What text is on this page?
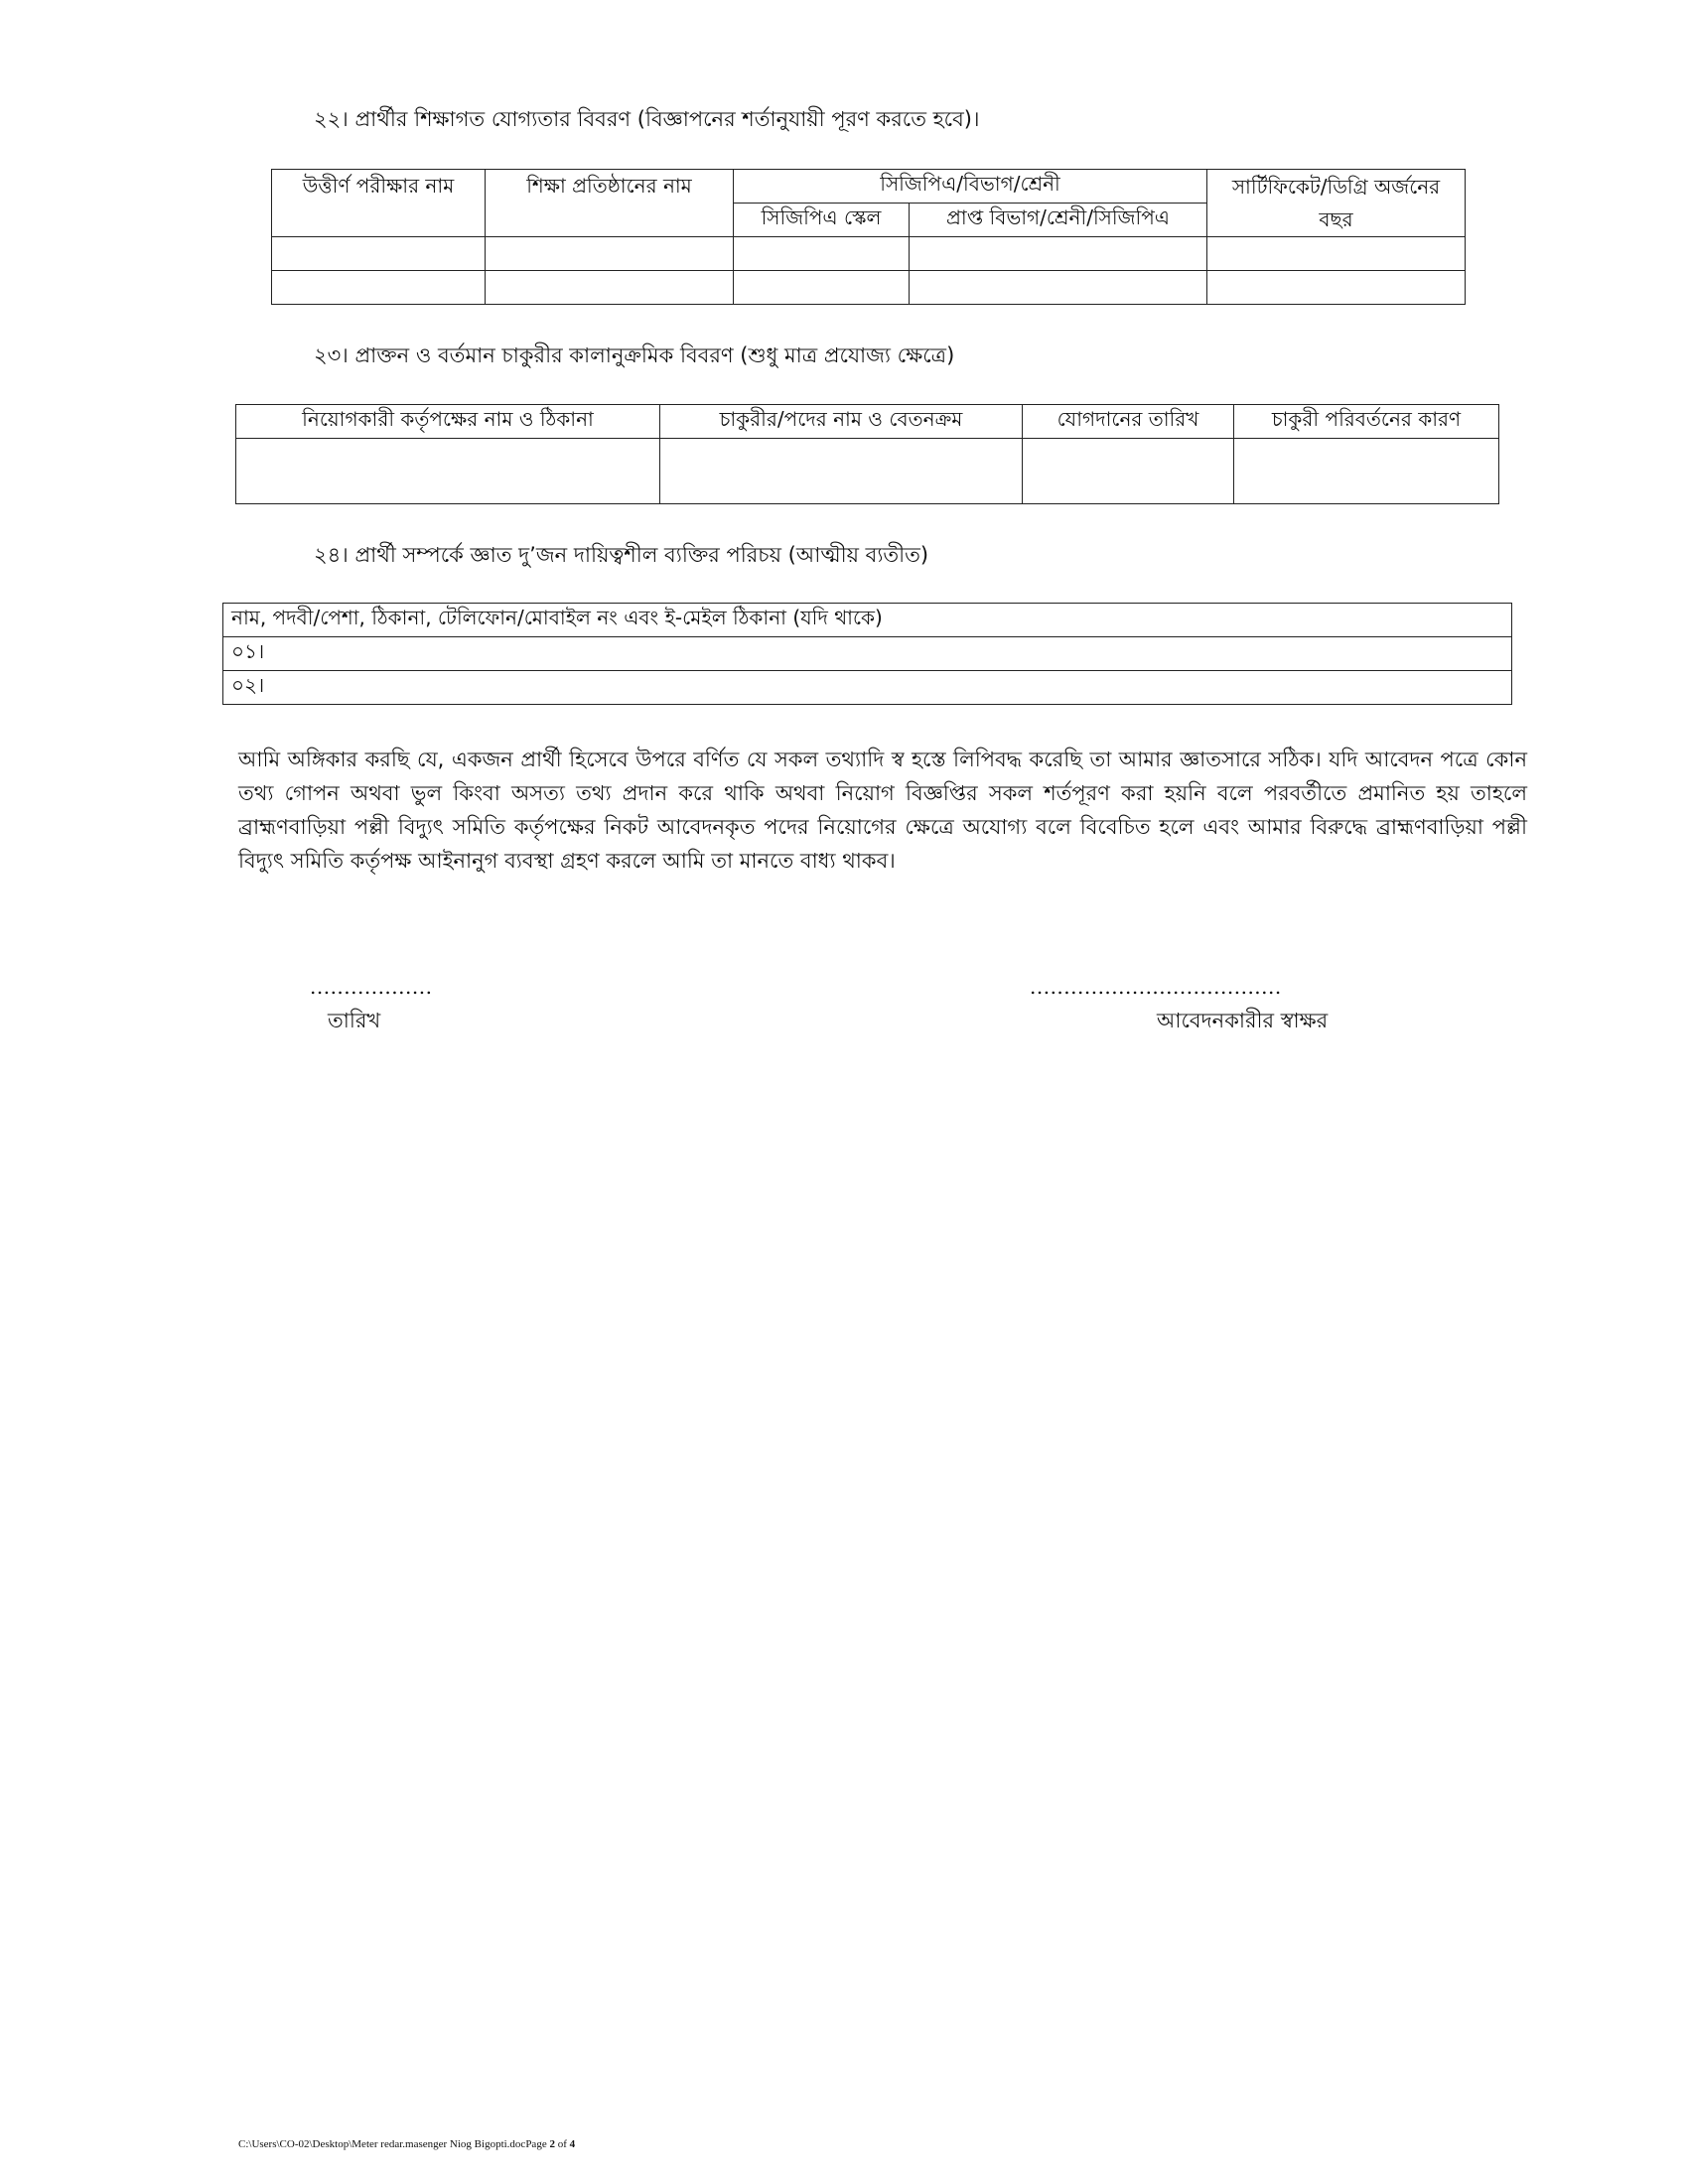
২২। প্রার্থীর শিক্ষাগত যোগ্যতার বিবরণ (বিজ্ঞাপনের শর্তানুযায়ী পূরণ করতে হবে)।
উত্তীর্ণ পরীক্ষার নাম	শিক্ষা প্রতিষ্ঠানের নাম	সিজিপিএ/বিভাগ/শ্রেনী		সার্টিফিকেট/ডিগ্রি অর্জনের
বছর
		সিজিপিএ স্কেল	প্রাপ্ত বিভাগ/শ্রেনী/সিজিপিএ	

২৩। প্রাক্তন ও বর্তমান চাকুরীর কালানুক্রমিক বিবরণ (শুধু মাত্র প্রযোজ্য ক্ষেত্রে)
নিয়োগকারী কর্তৃপক্ষের নাম ও ঠিকানা	চাকুরীর/পদের নাম ও বেতনক্রম	যোগদানের তারিখ	চাকুরী পরিবর্তনের কারণ

২৪। প্রার্থী সম্পর্কে জ্ঞাত দু’জন দায়িত্বশীল ব্যক্তির পরিচয় (আত্মীয় ব্যতীত)
নাম, পদবী/পেশা, ঠিকানা, টেলিফোন/মোবাইল নং এবং ই-মেইল ঠিকানা (যদি থাকে)
০১।
০২।
আমি অঙ্গিকার করছি যে, একজন প্রার্থী হিসেবে উপরে বর্ণিত যে সকল তথ্যাদি স্ব হস্তে লিপিবদ্ধ করেছি তা আমার জ্ঞাতসারে সঠিক। যদি আবেদন পত্রে কোন তথ্য গোপন অথবা ভুল কিংবা অসত্য তথ্য প্রদান করে থাকি অথবা নিয়োগ বিজ্ঞপ্তির সকল শর্তপূরণ করা হয়নি বলে পরবর্তীতে প্রমানিত হয় তাহলে ব্রাহ্মণবাড়িয়া পল্লী বিদ্যুৎ সমিতি কর্তৃপক্ষের নিকট আবেদনকৃত পদের নিয়োগের ক্ষেত্রে অযোগ্য বলে বিবেচিত হলে এবং আমার বিরুদ্ধে ব্রাহ্মণবাড়িয়া পল্লী বিদ্যুৎ সমিতি কর্তৃপক্ষ আইনানুগ ব্যবস্থা গ্রহণ করলে আমি তা মানতে বাধ্য থাকব।
..................
তারিখ
.....................................
আবেদনকারীর স্বাক্ষর
C:\Users\CO-02\Desktop\Meter redar.masenger Niog Bigopti.docPage 2 of 4
